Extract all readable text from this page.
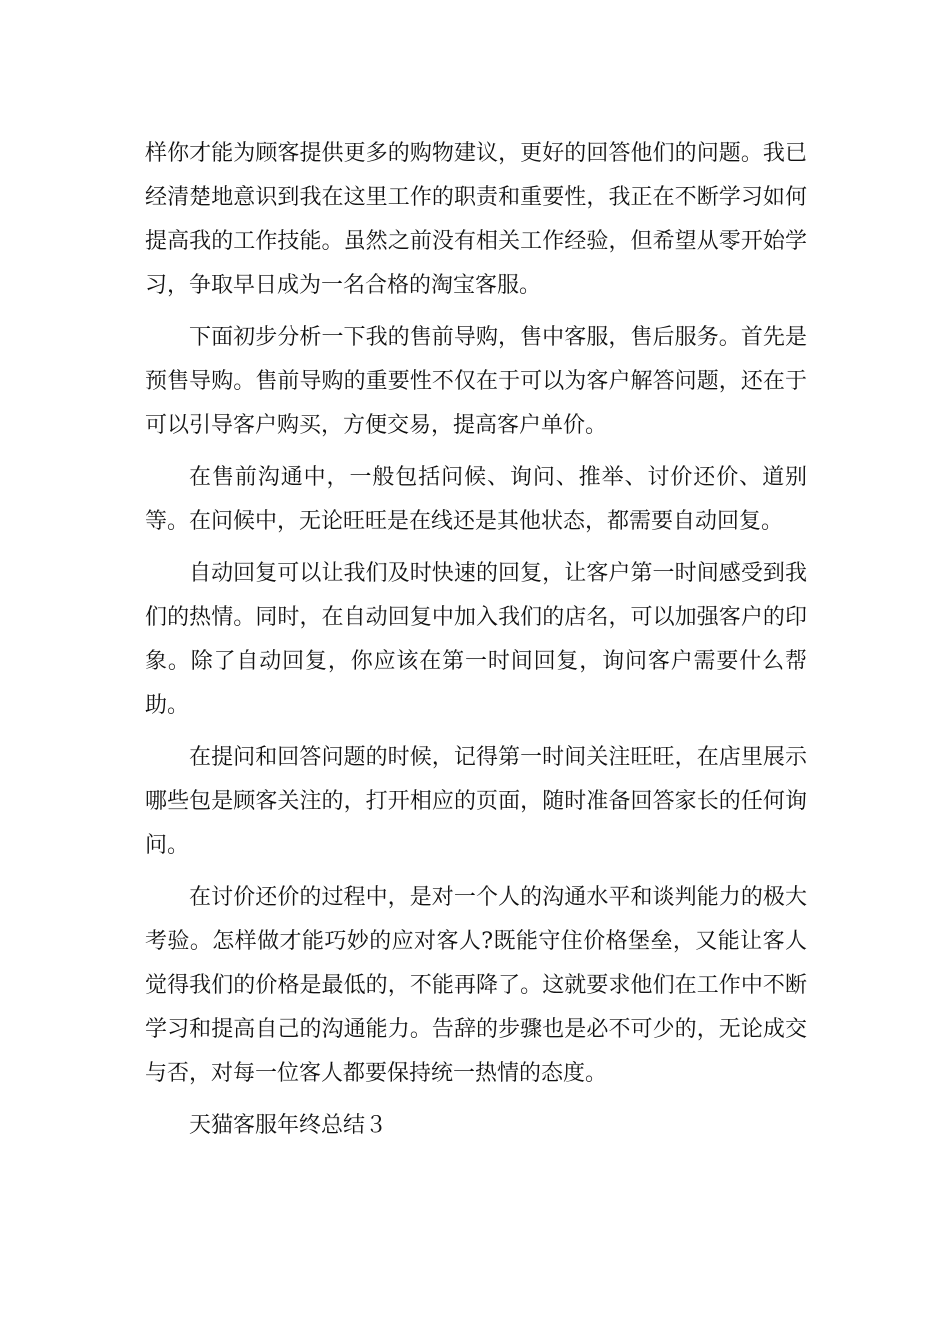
样你才能为顾客提供更多的购物建议，更好的回答他们的问题。我已经清楚地意识到我在这里工作的职责和重要性，我正在不断学习如何提高我的工作技能。虽然之前没有相关工作经验，但希望从零开始学习，争取早日成为一名合格的淘宝客服。

下面初步分析一下我的售前导购，售中客服，售后服务。首先是预售导购。售前导购的重要性不仅在于可以为客户解答问题，还在于可以引导客户购买，方便交易，提高客户单价。

在售前沟通中，一般包括问候、询问、推举、讨价还价、道别等。在问候中，无论旺旺是在线还是其他状态，都需要自动回复。

自动回复可以让我们及时快速的回复，让客户第一时间感受到我们的热情。同时，在自动回复中加入我们的店名，可以加强客户的印象。除了自动回复，你应该在第一时间回复，询问客户需要什么帮助。

在提问和回答问题的时候，记得第一时间关注旺旺，在店里展示哪些包是顾客关注的，打开相应的页面，随时准备回答家长的任何询问。

在讨价还价的过程中，是对一个人的沟通水平和谈判能力的极大考验。怎样做才能巧妙的应对客人?既能守住价格堡垒，又能让客人觉得我们的价格是最低的，不能再降了。这就要求他们在工作中不断学习和提高自己的沟通能力。告辞的步骤也是必不可少的，无论成交与否，对每一位客人都要保持统一热情的态度。

天猫客服年终总结３
